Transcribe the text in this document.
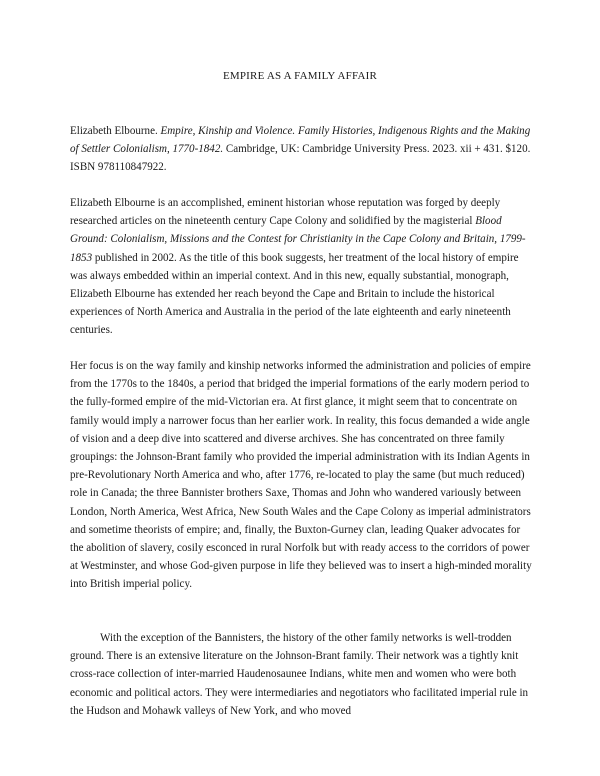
EMPIRE AS A FAMILY AFFAIR

Elizabeth Elbourne. Empire, Kinship and Violence. Family Histories, Indigenous Rights and the Making of Settler Colonialism, 1770-1842. Cambridge, UK: Cambridge University Press. 2023. xii + 431. $120. ISBN 978110847922.

Elizabeth Elbourne is an accomplished, eminent historian whose reputation was forged by deeply researched articles on the nineteenth century Cape Colony and solidified by the magisterial Blood Ground: Colonialism, Missions and the Contest for Christianity in the Cape Colony and Britain, 1799-1853 published in 2002. As the title of this book suggests, her treatment of the local history of empire was always embedded within an imperial context. And in this new, equally substantial, monograph, Elizabeth Elbourne has extended her reach beyond the Cape and Britain to include the historical experiences of North America and Australia in the period of the late eighteenth and early nineteenth centuries.

Her focus is on the way family and kinship networks informed the administration and policies of empire from the 1770s to the 1840s, a period that bridged the imperial formations of the early modern period to the fully-formed empire of the mid-Victorian era. At first glance, it might seem that to concentrate on family would imply a narrower focus than her earlier work. In reality, this focus demanded a wide angle of vision and a deep dive into scattered and diverse archives. She has concentrated on three family groupings: the Johnson-Brant family who provided the imperial administration with its Indian Agents in pre-Revolutionary North America and who, after 1776, re-located to play the same (but much reduced) role in Canada; the three Bannister brothers Saxe, Thomas and John who wandered variously between London, North America, West Africa, New South Wales and the Cape Colony as imperial administrators and sometime theorists of empire; and, finally, the Buxton-Gurney clan, leading Quaker advocates for the abolition of slavery, cosily esconced in rural Norfolk but with ready access to the corridors of power at Westminster, and whose God-given purpose in life they believed was to insert a high-minded morality into British imperial policy.

With the exception of the Bannisters, the history of the other family networks is well-trodden ground. There is an extensive literature on the Johnson-Brant family. Their network was a tightly knit cross-race collection of inter-married Haudenosaunee Indians, white men and women who were both economic and political actors. They were intermediaries and negotiators who facilitated imperial rule in the Hudson and Mohawk valleys of New York, and who moved
